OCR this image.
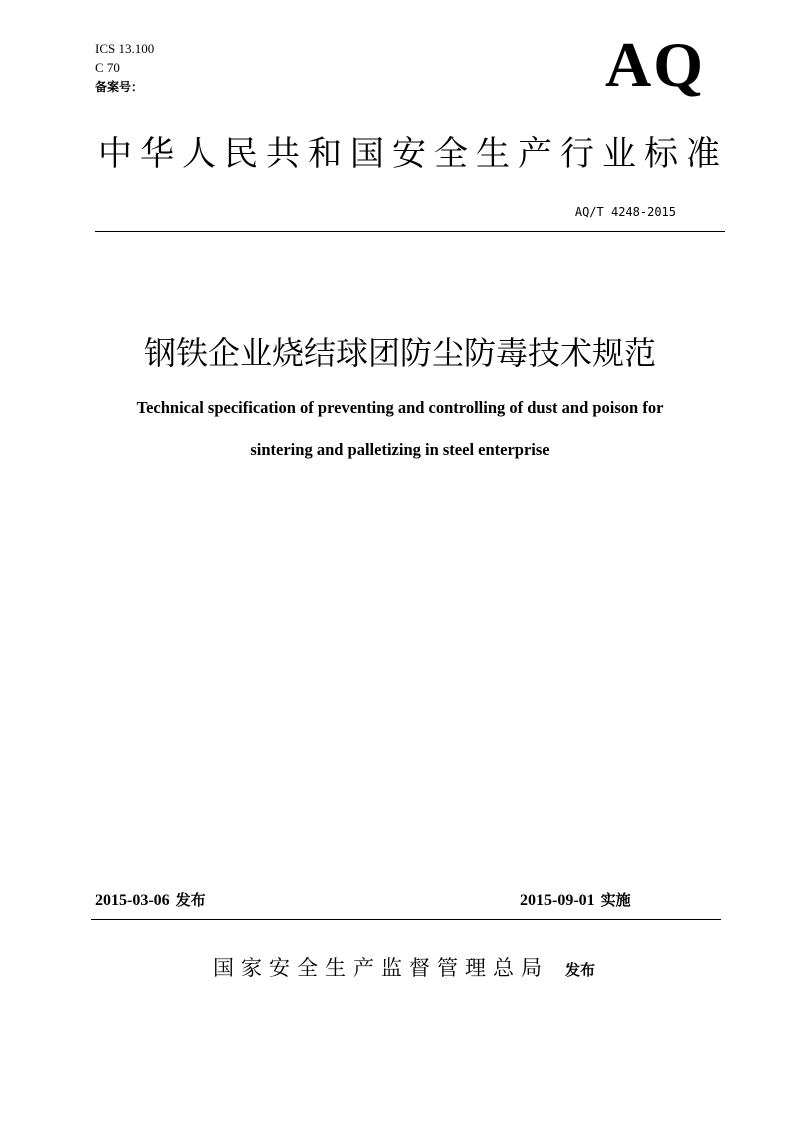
ICS 13.100
C 70
备案号：	AQ
中华人民共和国安全生产行业标准
AQ/T 4248-2015
钢铁企业烧结球团防尘防毒技术规范
Technical specification of preventing and controlling of dust and poison for
sintering and palletizing in steel enterprise
2015-03-06 发布	2015-09-01 实施
国家安全生产监督管理总局 发布
